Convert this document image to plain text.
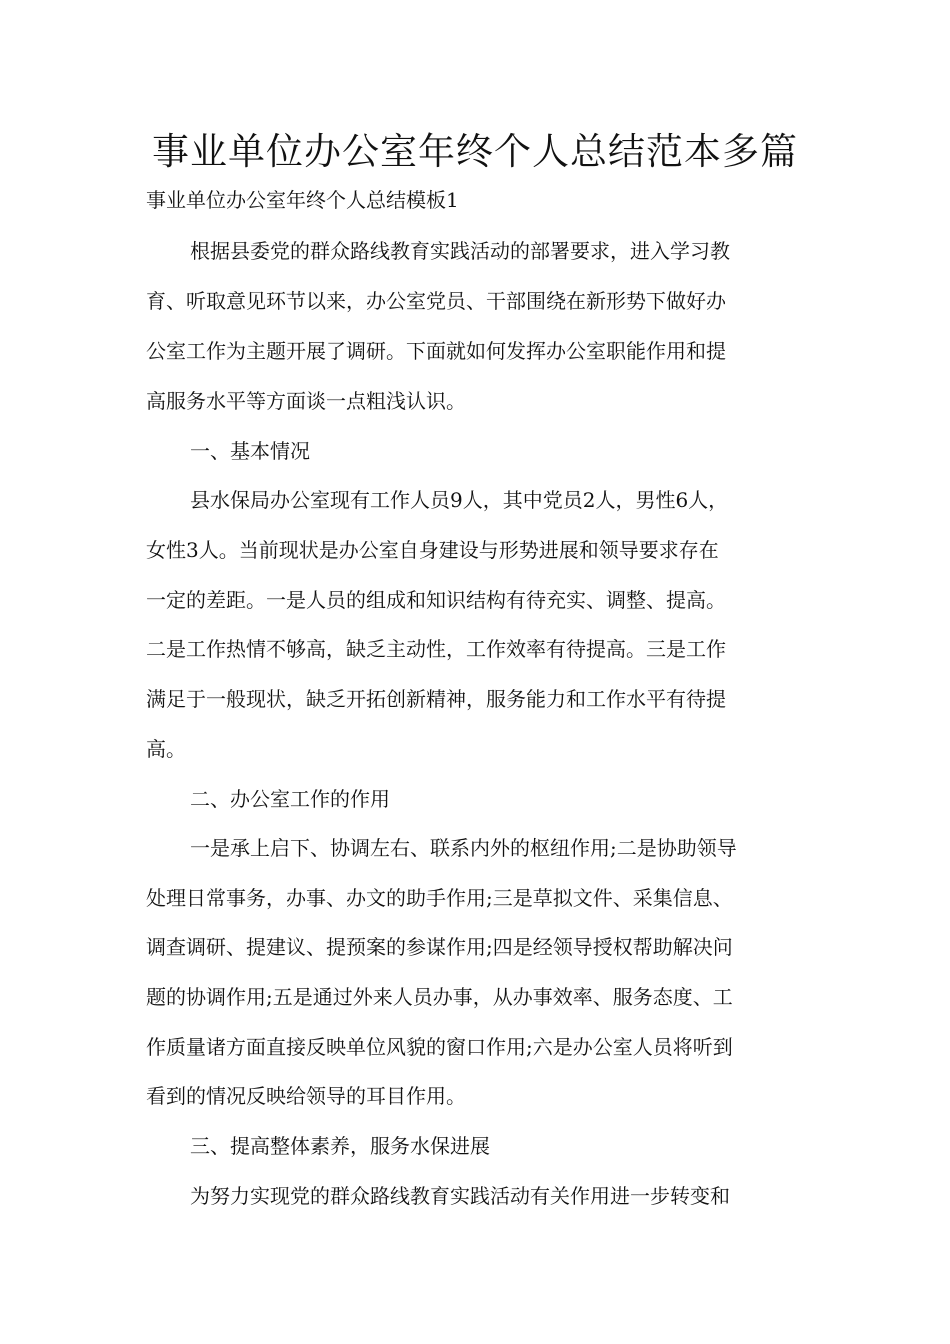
事业单位办公室年终个人总结范本多篇
事业单位办公室年终个人总结模板1
根据县委党的群众路线教育实践活动的部署要求，进入学习教
育、听取意见环节以来，办公室党员、干部围绕在新形势下做好办
公室工作为主题开展了调研。下面就如何发挥办公室职能作用和提
高服务水平等方面谈一点粗浅认识。
一、基本情况
县水保局办公室现有工作人员9人，其中党员2人，男性6人，
女性3人。当前现状是办公室自身建设与形势进展和领导要求存在
一定的差距。一是人员的组成和知识结构有待充实、调整、提高。
二是工作热情不够高，缺乏主动性，工作效率有待提高。三是工作
满足于一般现状，缺乏开拓创新精神，服务能力和工作水平有待提
高。
二、办公室工作的作用
一是承上启下、协调左右、联系内外的枢纽作用;二是协助领导
处理日常事务，办事、办文的助手作用;三是草拟文件、采集信息、
调查调研、提建议、提预案的参谋作用;四是经领导授权帮助解决问
题的协调作用;五是通过外来人员办事，从办事效率、服务态度、工
作质量诸方面直接反映单位风貌的窗口作用;六是办公室人员将听到
看到的情况反映给领导的耳目作用。
三、提高整体素养，服务水保进展
为努力实现党的群众路线教育实践活动有关作用进一步转变和
